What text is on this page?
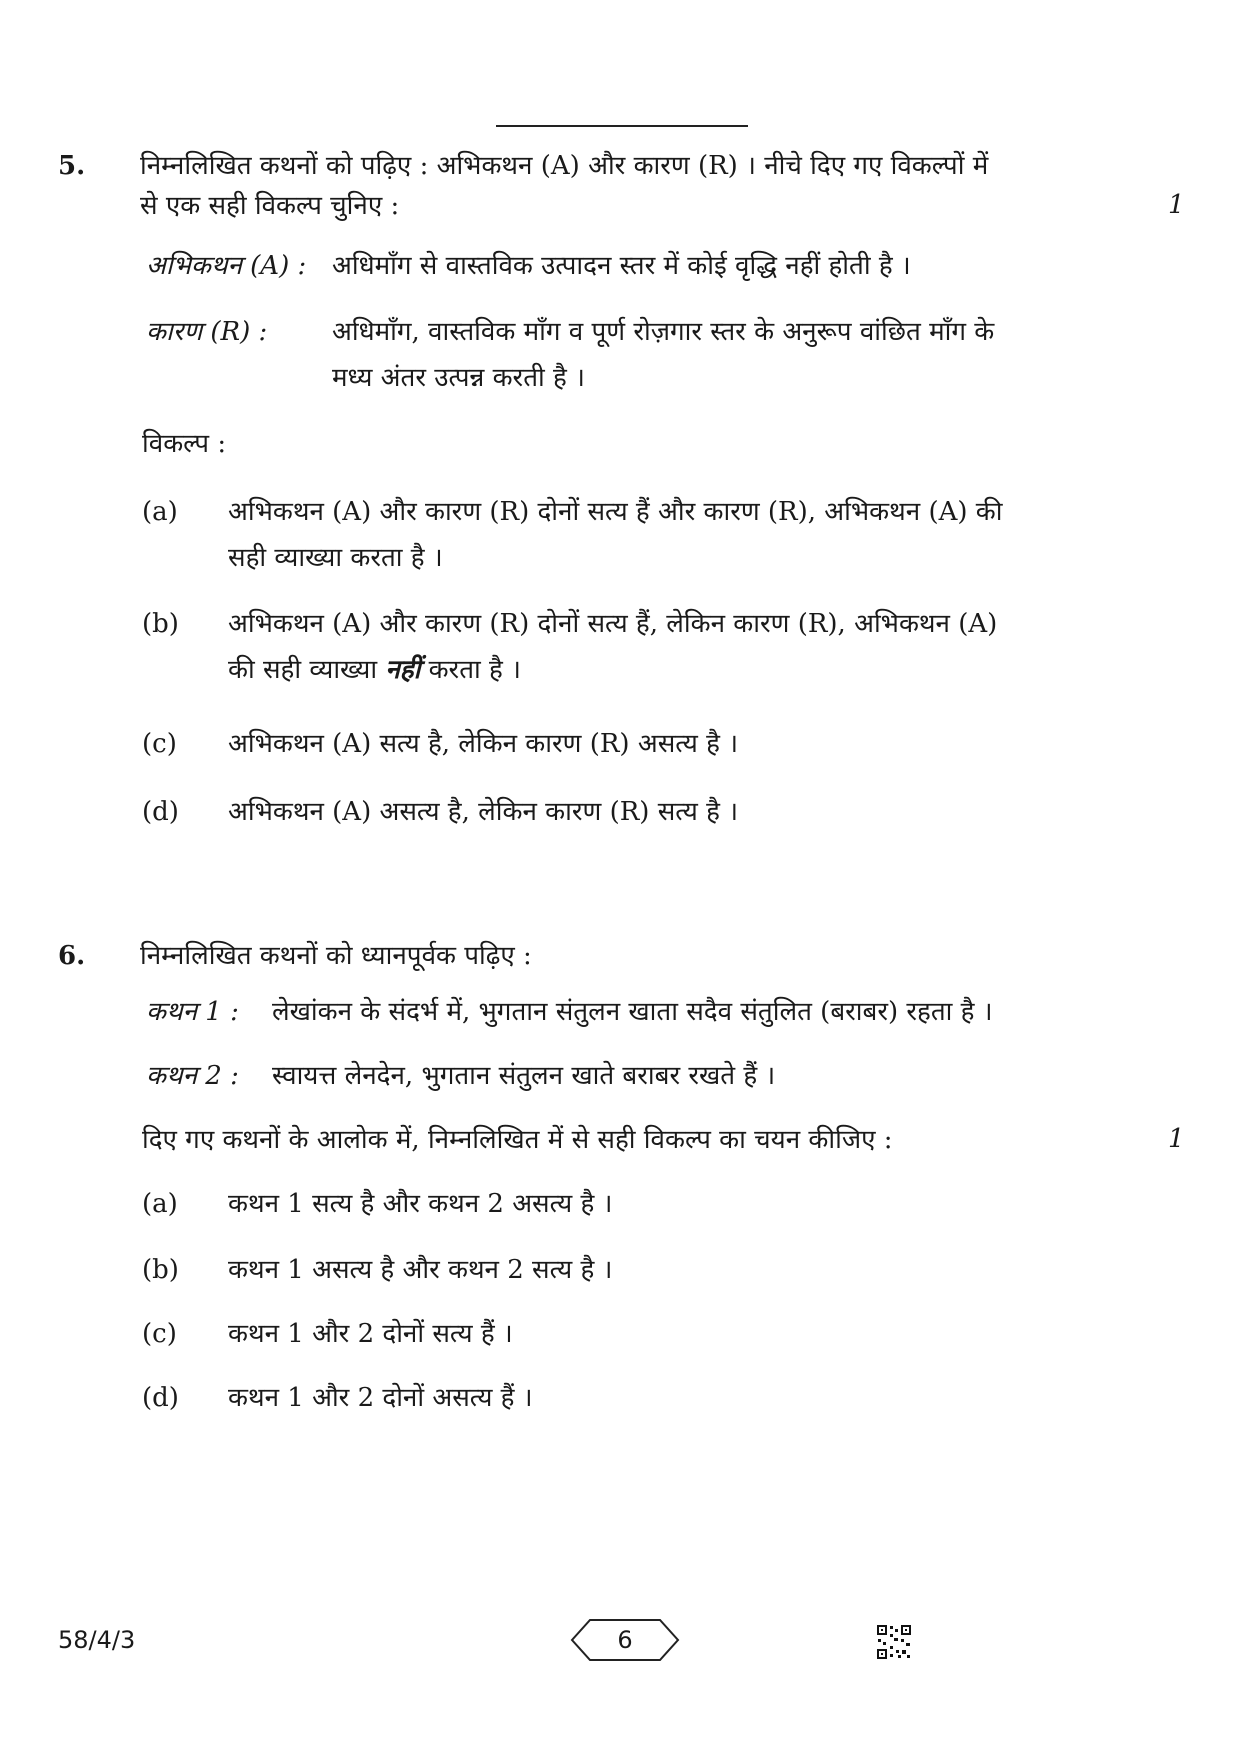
5. निम्नलिखित कथनों को पढ़िए : अभिकथन (A) और कारण (R) । नीचे दिए गए विकल्पों में
से एक सही विकल्प चुनिए :	1
अभिकथन (A) : अधिमाँग से वास्तविक उत्पादन स्तर में कोई वृद्धि नहीं होती है ।
कारण (R) : अधिमाँग, वास्तविक माँग व पूर्ण रोज़गार स्तर के अनुरूप वांछित माँग के
मध्य अंतर उत्पन्न करती है ।
विकल्प :
(a)	अभिकथन (A) और कारण (R) दोनों सत्य हैं और कारण (R), अभिकथन (A) की
सही व्याख्या करता है ।
(b)	अभिकथन (A) और कारण (R) दोनों सत्य हैं, लेकिन कारण (R), अभिकथन (A)
की सही व्याख्या नहीं करता है ।
(c)	अभिकथन (A) सत्य है, लेकिन कारण (R) असत्य है ।
(d)	अभिकथन (A) असत्य है, लेकिन कारण (R) सत्य है ।
6. निम्नलिखित कथनों को ध्यानपूर्वक पढ़िए :
कथन 1 : लेखांकन के संदर्भ में, भुगतान संतुलन खाता सदैव संतुलित (बराबर) रहता है ।
कथन 2 : स्वायत्त लेनदेन, भुगतान संतुलन खाते बराबर रखते हैं ।
दिए गए कथनों के आलोक में, निम्नलिखित में से सही विकल्प का चयन कीजिए :	1
(a)	कथन 1 सत्य है और कथन 2 असत्य है ।
(b)	कथन 1 असत्य है और कथन 2 सत्य है ।
(c)	कथन 1 और 2 दोनों सत्य हैं ।
(d)	कथन 1 और 2 दोनों असत्य हैं ।
58/4/3	6
